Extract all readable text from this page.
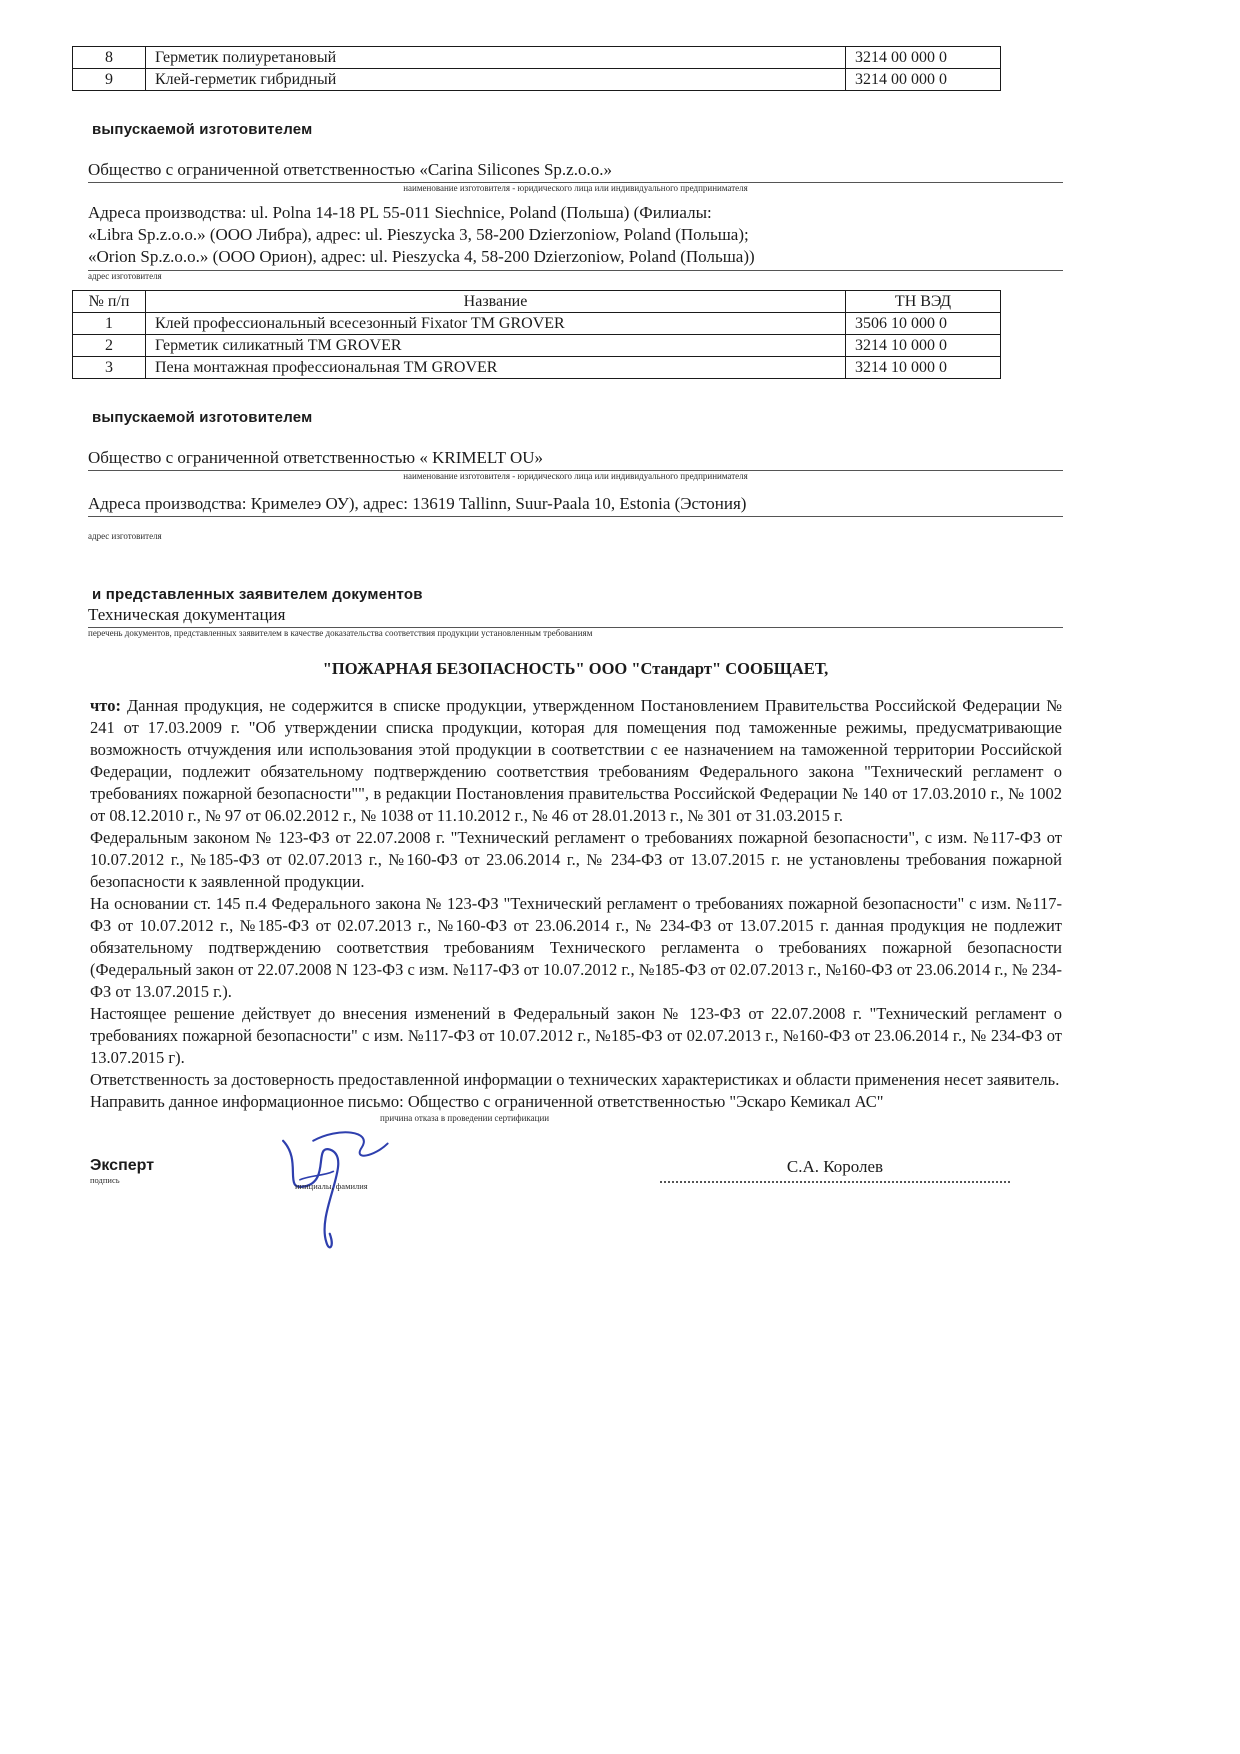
8	Герметик полиуретановый	3214 00 000 0
9	Клей-герметик гибридный	3214 00 000 0
выпускаемой изготовителем
Общество с ограниченной ответственностью «Carina Silicones Sp.z.o.o.»
наименование изготовителя - юридического лица или индивидуального предпринимателя
Адреса производства: ul. Polna 14-18 PL 55-011 Siechnice, Poland (Польша) (Филиалы:
«Libra Sp.z.o.o.» (ООО Либра), адрес: ul. Pieszycka 3, 58-200 Dzierzoniow, Poland (Польша);
«Orion Sp.z.o.o.» (ООО Орион), адрес: ul. Pieszycka 4, 58-200 Dzierzoniow, Poland (Польша))
адрес изготовителя
№ п/п	Название	ТН ВЭД
1	Клей профессиональный всесезонный Fixator TM GROVER	3506 10 000 0
2	Герметик силикатный TM GROVER	3214 10 000 0
3	Пена монтажная профессиональная TM GROVER	3214 10 000 0
выпускаемой изготовителем
Общество с ограниченной ответственностью « KRIMELT OU»
наименование изготовителя - юридического лица или индивидуального предпринимателя
Адреса производства: Кримелеэ ОУ), адрес: 13619 Tallinn, Suur-Paala 10, Estonia (Эстония)
адрес изготовителя
и представленных заявителем документов
Техническая документация
перечень документов, представленных заявителем в качестве доказательства соответствия продукции установленным требованиям
"ПОЖАРНАЯ БЕЗОПАСНОСТЬ" ООО "Стандарт" СООБЩАЕТ,

что: Данная продукция, не содержится в списке продукции, утвержденном Постановлением Правительства Российской Федерации № 241 от 17.03.2009 г. "Об утверждении списка продукции, которая для помещения под таможенные режимы, предусматривающие возможность отчуждения или использования этой продукции в соответствии с ее назначением на таможенной территории Российской Федерации, подлежит обязательному подтверждению соответствия требованиям Федерального закона "Технический регламент о требованиях пожарной безопасности"", в редакции Постановления правительства Российской Федерации № 140 от 17.03.2010 г., № 1002 от 08.12.2010 г., № 97 от 06.02.2012 г., № 1038 от 11.10.2012 г., № 46 от 28.01.2013 г., № 301 от 31.03.2015 г.

Федеральным законом № 123-ФЗ от 22.07.2008 г. "Технический регламент о требованиях пожарной безопасности", с изм. №117-ФЗ от 10.07.2012 г., №185-ФЗ от 02.07.2013 г., №160-ФЗ от 23.06.2014 г., № 234-ФЗ от 13.07.2015 г. не установлены требования пожарной безопасности к заявленной продукции.

На основании ст. 145 п.4 Федерального закона № 123-ФЗ "Технический регламент о требованиях пожарной безопасности" с изм. №117-ФЗ от 10.07.2012 г., №185-ФЗ от 02.07.2013 г., №160-ФЗ от 23.06.2014 г., № 234-ФЗ от 13.07.2015 г. данная продукция не подлежит обязательному подтверждению соответствия требованиям Технического регламента о требованиях пожарной безопасности (Федеральный закон от 22.07.2008 N 123-ФЗ с изм. №117-ФЗ от 10.07.2012 г., №185-ФЗ от 02.07.2013 г., №160-ФЗ от 23.06.2014 г., № 234-ФЗ от 13.07.2015 г.).

Настоящее решение действует до внесения изменений в Федеральный закон № 123-ФЗ от 22.07.2008 г. "Технический регламент о требованиях пожарной безопасности" с изм. №117-ФЗ от 10.07.2012 г., №185-ФЗ от 02.07.2013 г., №160-ФЗ от 23.06.2014 г., № 234-ФЗ от 13.07.2015 г).

Ответственность за достоверность предоставленной информации о технических характеристиках и области применения несет заявитель.

Направить данное информационное письмо: Общество с ограниченной ответственностью "Эскаро Кемикал АС"

причина отказа в проведении сертификации
Эксперт
подпись
инициалы, фамилия
С.А. Королев
